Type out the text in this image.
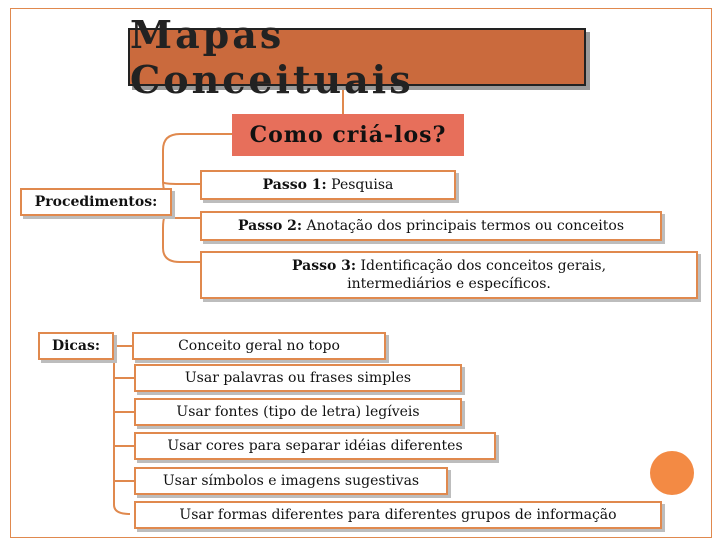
Mapas Conceituais
Como criá-los?
Procedimentos:
Passo 1:
Pesquisa
Passo 2:
Anotação dos principais termos ou conceitos
Passo 3: Identificação dos conceitos gerais,
intermediários e específicos.
Dicas:	Conceito geral no topo
Usar palavras ou frases simples
Usar fontes (tipo de letra) legíveis
Usar cores para separar idéias diferentes
Usar símbolos e imagens sugestivas
Usar formas diferentes para diferentes grupos de informação
